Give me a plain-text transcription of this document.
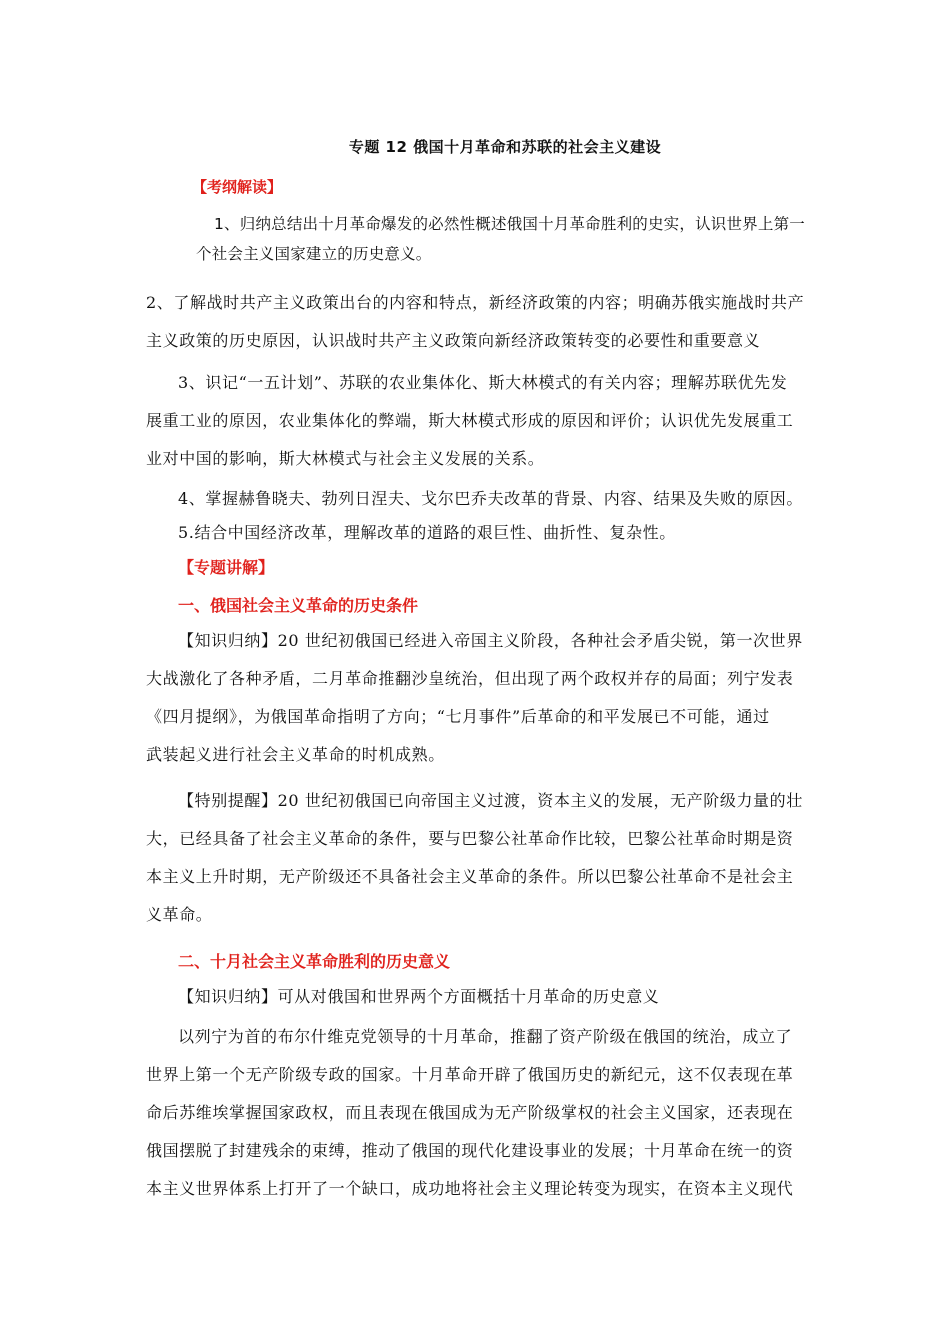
专题 12 俄国十月革命和苏联的社会主义建设
【考纲解读】
1、归纳总结出十月革命爆发的必然性概述俄国十月革命胜利的史实，认识世界上第一
个社会主义国家建立的历史意义。
2、了解战时共产主义政策出台的内容和特点，新经济政策的内容；明确苏俄实施战时共产
主义政策的历史原因，认识战时共产主义政策向新经济政策转变的必要性和重要意义
3、识记“一五计划”、苏联的农业集体化、斯大林模式的有关内容；理解苏联优先发
展重工业的原因，农业集体化的弊端，斯大林模式形成的原因和评价；认识优先发展重工
业对中国的影响，斯大林模式与社会主义发展的关系。
4、掌握赫鲁晓夫、勃列日涅夫、戈尔巴乔夫改革的背景、内容、结果及失败的原因。
5.结合中国经济改革，理解改革的道路的艰巨性、曲折性、复杂性。
【专题讲解】
一、俄国社会主义革命的历史条件
【知识归纳】20 世纪初俄国已经进入帝国主义阶段，各种社会矛盾尖锐，第一次世界
大战激化了各种矛盾，二月革命推翻沙皇统治，但出现了两个政权并存的局面；列宁发表
《四月提纲》，为俄国革命指明了方向；“七月事件”后革命的和平发展已不可能，通过
武装起义进行社会主义革命的时机成熟。
【特别提醒】20 世纪初俄国已向帝国主义过渡，资本主义的发展，无产阶级力量的壮
大，已经具备了社会主义革命的条件，要与巴黎公社革命作比较，巴黎公社革命时期是资
本主义上升时期，无产阶级还不具备社会主义革命的条件。所以巴黎公社革命不是社会主
义革命。
二、十月社会主义革命胜利的历史意义
【知识归纳】可从对俄国和世界两个方面概括十月革命的历史意义
以列宁为首的布尔什维克党领导的十月革命，推翻了资产阶级在俄国的统治，成立了
世界上第一个无产阶级专政的国家。十月革命开辟了俄国历史的新纪元，这不仅表现在革
命后苏维埃掌握国家政权，而且表现在俄国成为无产阶级掌权的社会主义国家，还表现在
俄国摆脱了封建残余的束缚，推动了俄国的现代化建设事业的发展；十月革命在统一的资
本主义世界体系上打开了一个缺口，成功地将社会主义理论转变为现实，在资本主义现代
